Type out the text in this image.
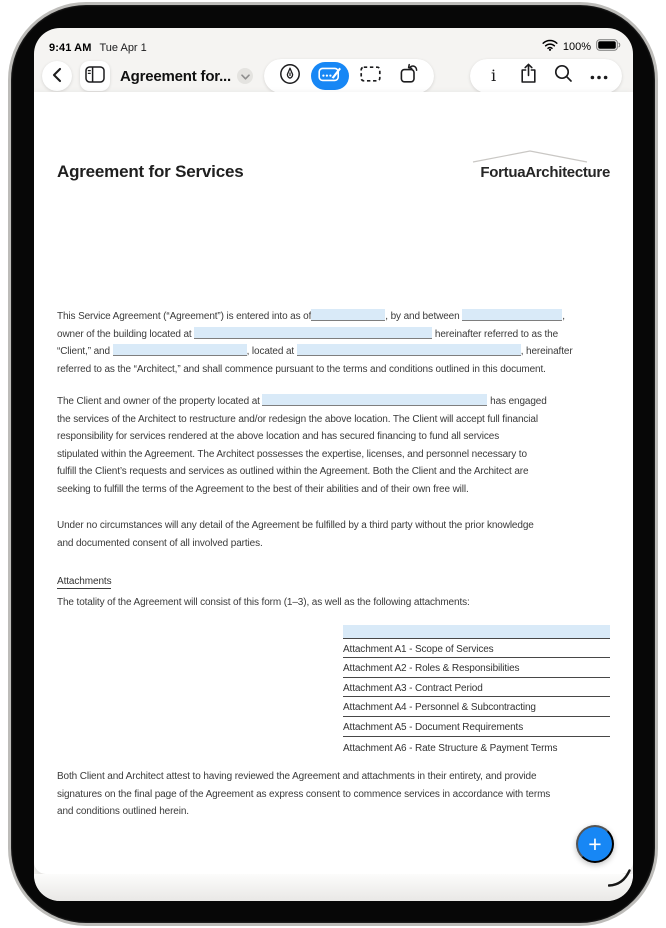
9:41 AM Tue Apr 1	100%
Agreement for...	i
Agreement for Services	FortuaArchitecture
This Service Agreement (“Agreement”) is entered into as of	, by and between	,
owner of the building located at	hereinafter referred to as the
“Client,” and	, located at	, hereinafter
referred to as the “Architect,” and shall commence pursuant to the terms and conditions outlined in this document.
The Client and owner of the property located at	has engaged
the services of the Architect to restructure and/or redesign the above location. The Client will accept full financial
responsibility for services rendered at the above location and has secured financing to fund all services
stipulated within the Agreement. The Architect possesses the expertise, licenses, and personnel necessary to
fulfill the Client’s requests and services as outlined within the Agreement. Both the Client and the Architect are
seeking to fulfill the terms of the Agreement to the best of their abilities and of their own free will.
Under no circumstances will any detail of the Agreement be fulfilled by a third party without the prior knowledge
and documented consent of all involved parties.
Attachments
The totality of the Agreement will consist of this form (1–3), as well as the following attachments:
Attachment A1 - Scope of Services
Attachment A2 - Roles & Responsibilities
Attachment A3 - Contract Period
Attachment A4 - Personnel & Subcontracting
Attachment A5 - Document Requirements
Attachment A6 - Rate Structure & Payment Terms
Both Client and Architect attest to having reviewed the Agreement and attachments in their entirety, and provide
signatures on the final page of the Agreement as express consent to commence services in accordance with terms
and conditions outlined herein.
+
